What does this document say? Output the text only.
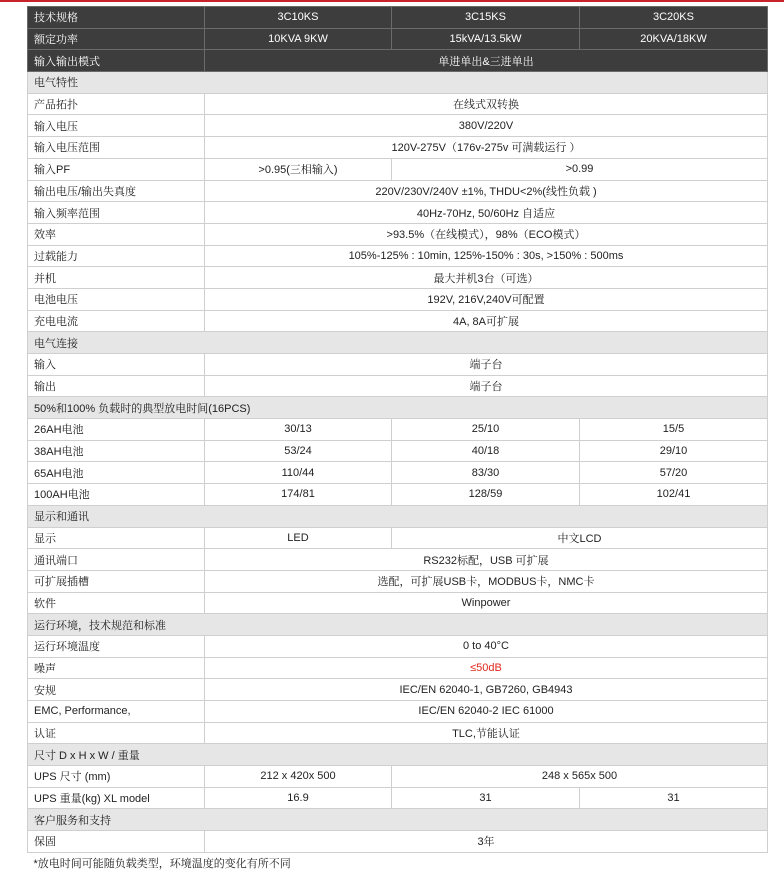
技术规格	3C10KS	3C15KS	3C20KS
额定功率	10KVA 9KW	15kVA/13.5kW	20KVA/18KW
输入输出模式	单进单出&三进单出		
电气特性			
产品拓扑	在线式双转换		
输入电压	380V/220V		
输入电压范围	120V-275V（176v-275v 可满载运行 ）		
输入PF	>0.95(三相输入)	>0.99	
输出电压/输出失真度	220V/230V/240V ±1%, THDU<2%(线性负载 )		
输入频率范围	40Hz-70Hz, 50/60Hz 自适应		
效率	>93.5%（在线模式），98%（ECO模式）		
过载能力	105%-125% : 10min, 125%-150% : 30s, >150% : 500ms		
并机	最大并机3台（可选）		
电池电压	192V, 216V,240V可配置		
充电电流	4A, 8A可扩展		
电气连接			
输入	端子台		
输出	端子台		
50%和100% 负载时的典型放电时间(16PCS)			
26AH电池	30/13	25/10	15/5
38AH电池	53/24	40/18	29/10
65AH电池	110/44	83/30	57/20
100AH电池	174/81	128/59	102/41
显示和通讯			
显示	LED	中文LCD	
通讯端口	RS232标配，USB 可扩展		
可扩展插槽	选配，可扩展USB卡，MODBUS卡，NMC卡		
软件	Winpower		
运行环境，技术规范和标准			
运行环境温度	0 to 40°C		
噪声	≤50dB		
安规	IEC/EN 62040-1, GB7260, GB4943		
EMC, Performance,	IEC/EN 62040-2 IEC 61000		
认证	TLC,节能认证		
尺寸 D x H x W / 重量			
UPS 尺寸 (mm)	212 x 420x 500	248 x 565x 500	
UPS 重量(kg) XL model	16.9	31	31
客户服务和支持			
保固	3年		
*放电时间可能随负载类型，环境温度的变化有所不同			
